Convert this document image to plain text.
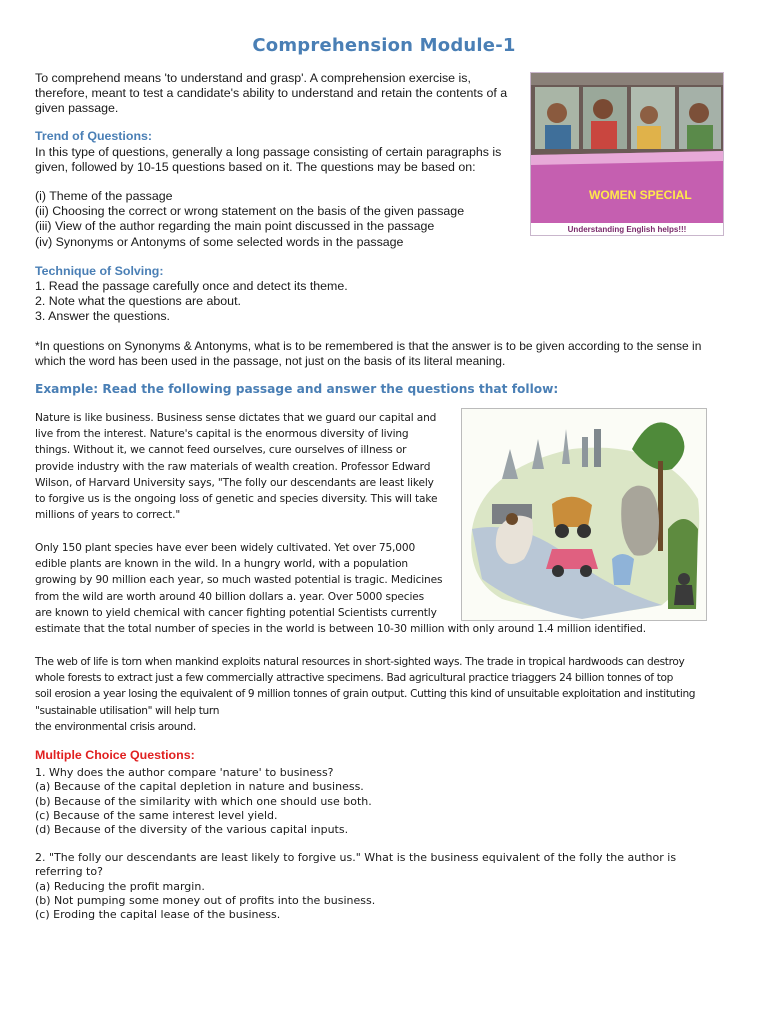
Comprehension Module-1
To comprehend means 'to understand and grasp'. A comprehension exercise is,
therefore, meant to test a candidate's ability to understand and retain the contents of a
given passage.
WOMEN SPECIAL
Understanding English helps!!!
Trend of Questions:
In this type of questions, generally a long passage consisting of certain paragraphs is
given, followed by 10-15 questions based on it. The questions may be based on:
(i) Theme of the passage
(ii) Choosing the correct or wrong statement on the basis of the given passage
(iii) View of the author regarding the main point discussed in the passage
(iv) Synonyms or Antonyms of some selected words in the passage
Technique of Solving:
1. Read the passage carefully once and detect its theme.
2. Note what the questions are about.
3. Answer the questions.
*In questions on Synonyms & Antonyms, what is to be remembered is that the answer is to be given according to the sense in
which the word has been used in the passage, not just on the basis of its literal meaning.
Example: Read the following passage and answer the questions that follow:
Nature is like business. Business sense dictates that we guard our capital and
live from the interest. Nature's capital is the enormous diversity of living
things. Without it, we cannot feed ourselves, cure ourselves of illness or
provide industry with the raw materials of wealth creation. Professor Edward
Wilson, of Harvard University says, "The folly our descendants are least likely
to forgive us is the ongoing loss of genetic and species diversity. This will take
millions of years to correct."
Only 150 plant species have ever been widely cultivated. Yet over 75,000
edible plants are known in the wild. In a hungry world, with a population
growing by 90 million each year, so much wasted potential is tragic. Medicines
from the wild are worth around 40 billion dollars a. year. Over 5000 species
are known to yield chemical with cancer fighting potential Scientists currently
estimate that the total number of species in the world is between 10-30 million with only around 1.4 million identified.
The web of life is torn when mankind exploits natural resources in short-sighted ways. The trade in tropical hardwoods can destroy
whole forests to extract just a few commercially attractive specimens. Bad agricultural practice triaggers 24 billion tonnes of top
soil erosion a year losing the equivalent of 9 million tonnes of grain output. Cutting this kind of unsuitable exploitation and instituting
"sustainable utilisation" will help turn
the environmental crisis around.
Multiple Choice Questions:
1. Why does the author compare 'nature' to business?
(a) Because of the capital depletion in nature and business.
(b) Because of the similarity with which one should use both.
(c) Because of the same interest level yield.
(d) Because of the diversity of the various capital inputs.
2. "The folly our descendants are least likely to forgive us." What is the business equivalent of the folly the author is
referring to?
(a) Reducing the profit margin.
(b) Not pumping some money out of profits into the business.
(c) Eroding the capital lease of the business.
